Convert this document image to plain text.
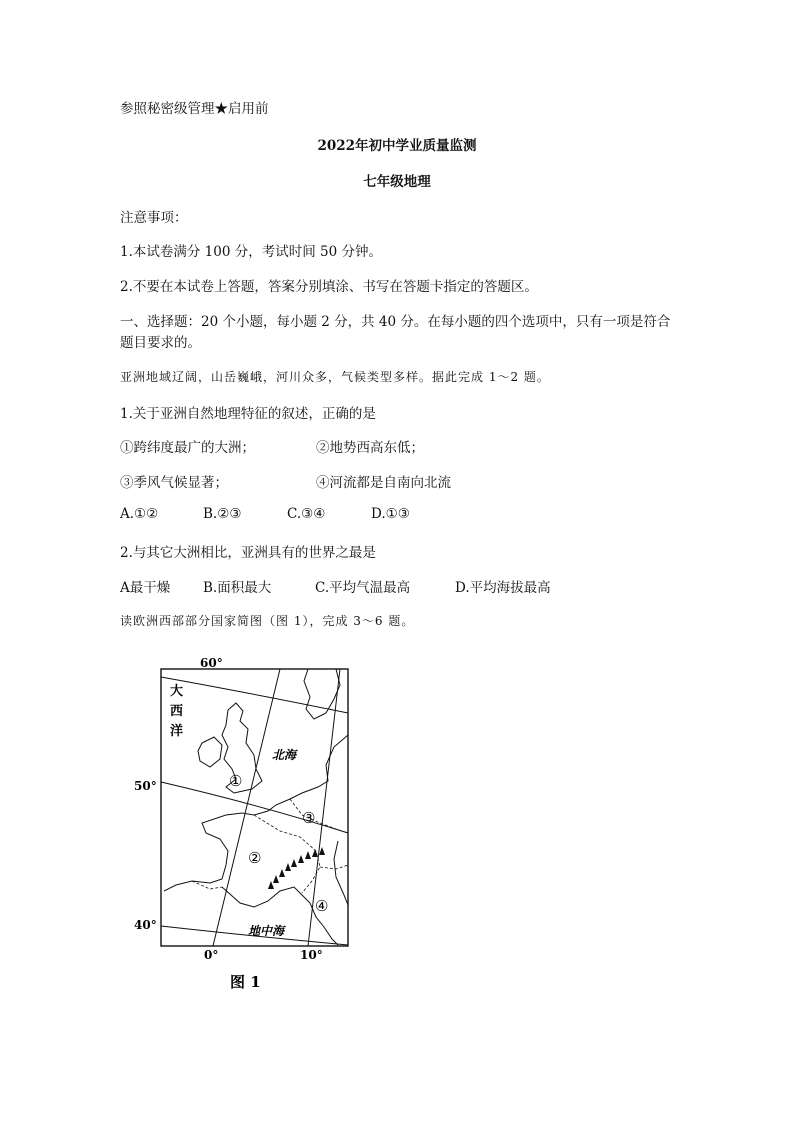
参照秘密级管理★启用前
2022年初中学业质量监测
七年级地理
注意事项：
1.本试卷满分 100 分，考试时间 50 分钟。
2.不要在本试卷上答题，答案分别填涂、书写在答题卡指定的答题区。
一、选择题：20 个小题，每小题 2 分，共 40 分。在每小题的四个选项中，只有一项是符合
题目要求的。
亚洲地域辽阔，山岳巍峨，河川众多，气候类型多样。据此完成 1～2 题。
1.关于亚洲自然地理特征的叙述，正确的是
①跨纬度最广的大洲；	②地势西高东低；
③季风气候显著；	④河流都是自南向北流
A.①②	B.②③	C.③④	D.①③
2.与其它大洲相比，亚洲具有的世界之最是
A最干燥 B.面积最大	C.平均气温最高	D.平均海拔最高
读欧洲西部部分国家简图（图 1），完成 3～6 题。
60°
50°
40°
0°	10°
大
西
洋
北海
地中海
①
②
③
④
图 1
